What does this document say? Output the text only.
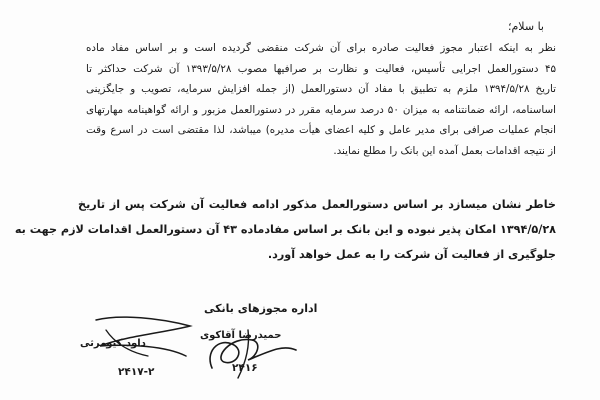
با سلام؛
نظر به اینکه اعتبار مجوز فعالیت صادره برای آن شرکت منقضی گردیده است و بر اساس مفاد ماده
۴۵ دستورالعمل اجرایی تأسیس، فعالیت و نظارت بر صرافیها مصوب ۱۳۹۳/۵/۲۸ آن شرکت حداکثر تا
تاریخ ۱۳۹۴/۵/۲۸ ملزم به تطبیق با مفاد آن دستورالعمل (از جمله افزایش سرمایه، تصویب و جایگزینی
اساسنامه، ارائه ضمانتنامه به میزان ۵۰ درصد سرمایه مقرر در دستورالعمل مزبور و ارائه گواهینامه مهارتهای
انجام عملیات صرافی برای مدیر عامل و کلیه اعضای هیأت مدیره) میباشد، لذا مقتضی است در اسرع وقت
از نتیجه اقدامات بعمل آمده این بانک را مطلع نمایند.
خاطر نشان میسازد بر اساس دستورالعمل مذکور ادامه فعالیت آن شرکت پس از تاریخ
۱۳۹۴/۵/۲۸ امکان پذیر نبوده و این بانک بر اساس مفادماده ۴۳ آن دستورالعمل اقدامات لازم جهت به
جلوگیری از فعالیت آن شرکت را به عمل خواهد آورد.
اداره مجوزهای بانکی
حمیدرضا آقاکوی
داود کیومرثی
۲۴۱۶
۲۴۱۷-۲
